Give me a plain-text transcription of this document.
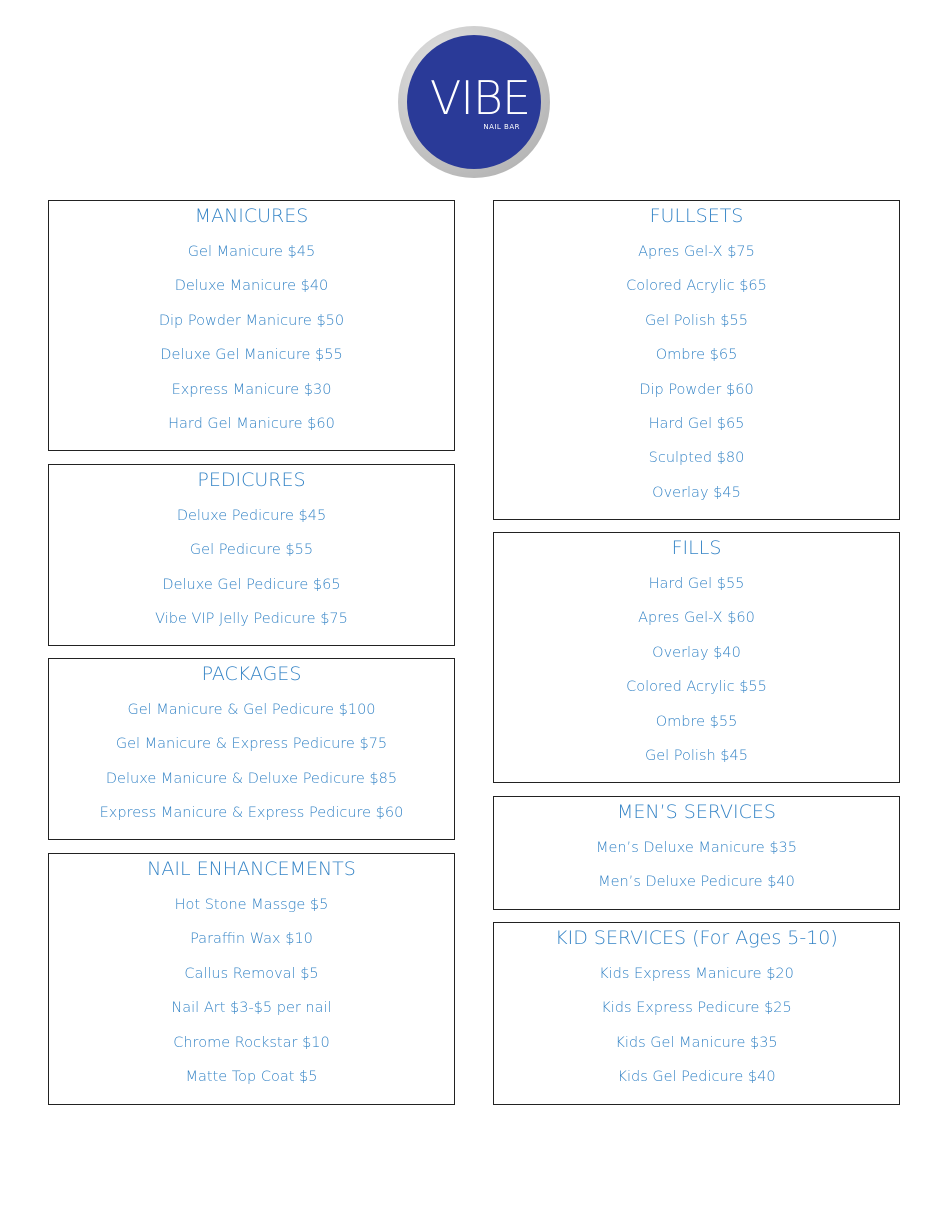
VIBE
NAIL BAR
MANICURES
Gel Manicure $45
Deluxe Manicure $40
Dip Powder Manicure $50
Deluxe Gel Manicure $55
Express Manicure $30
Hard Gel Manicure $60
PEDICURES
Deluxe Pedicure $45
Gel Pedicure $55
Deluxe Gel Pedicure $65
Vibe VIP Jelly Pedicure $75
PACKAGES
Gel Manicure & Gel Pedicure $100
Gel Manicure & Express Pedicure $75
Deluxe Manicure & Deluxe Pedicure $85
Express Manicure & Express Pedicure $60
NAIL ENHANCEMENTS
Hot Stone Massge $5
Paraffin Wax $10
Callus Removal $5
Nail Art $3-$5 per nail
Chrome Rockstar $10
Matte Top Coat $5
FULLSETS
Apres Gel-X $75
Colored Acrylic $65
Gel Polish $55
Ombre $65
Dip Powder $60
Hard Gel $65
Sculpted $80
Overlay $45
FILLS
Hard Gel $55
Apres Gel-X $60
Overlay $40
Colored Acrylic $55
Ombre $55
Gel Polish $45
MEN’S SERVICES
Men’s Deluxe Manicure $35
Men’s Deluxe Pedicure $40
KID SERVICES (For Ages 5-10)
Kids Express Manicure $20
Kids Express Pedicure $25
Kids Gel Manicure $35
Kids Gel Pedicure $40
